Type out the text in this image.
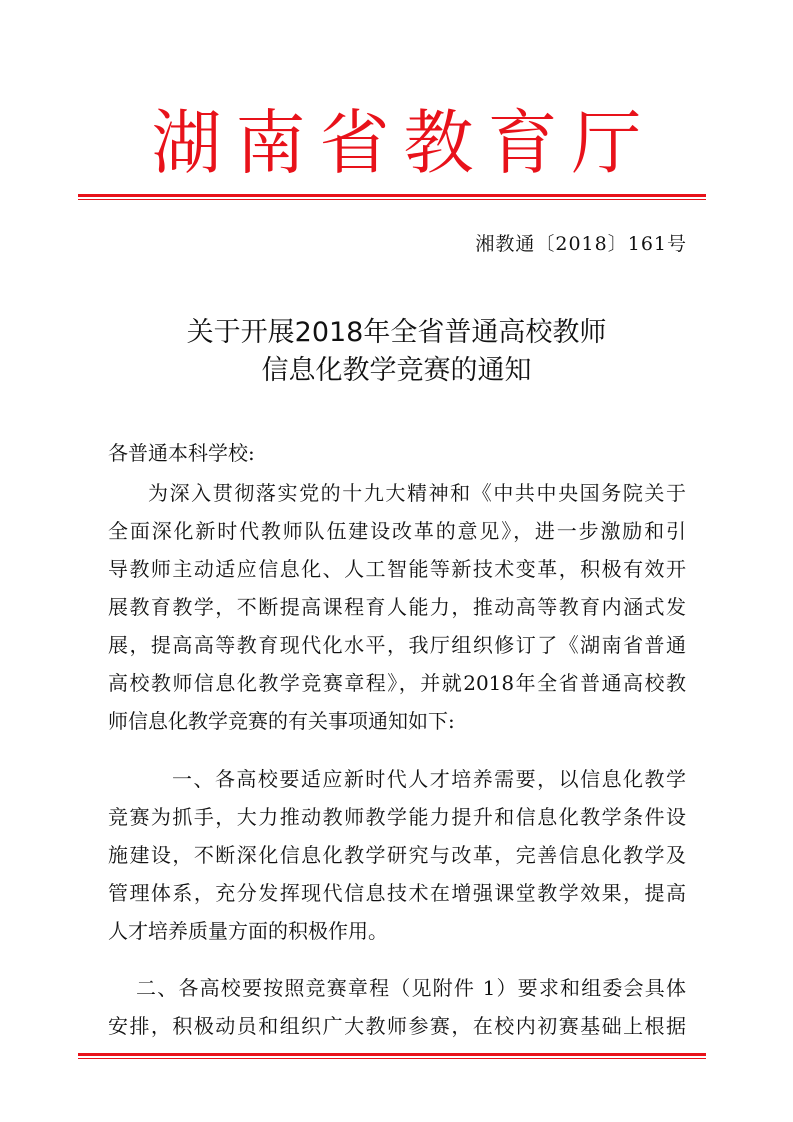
湖南省教育厅
湘教通〔2018〕161号
关于开展2018年全省普通高校教师
信息化教学竞赛的通知
各普通本科学校:
为深入贯彻落实党的十九大精神和《中共中央国务院关于
全面深化新时代教师队伍建设改革的意见》，进一步激励和引
导教师主动适应信息化、人工智能等新技术变革，积极有效开
展教育教学，不断提高课程育人能力，推动高等教育内涵式发
展，提高高等教育现代化水平，我厅组织修订了《湖南省普通
高校教师信息化教学竞赛章程》，并就2018年全省普通高校教
师信息化教学竞赛的有关事项通知如下:
一、各高校要适应新时代人才培养需要，以信息化教学
竞赛为抓手，大力推动教师教学能力提升和信息化教学条件设
施建设，不断深化信息化教学研究与改革，完善信息化教学及
管理体系，充分发挥现代信息技术在增强课堂教学效果，提高
人才培养质量方面的积极作用。
二、各高校要按照竞赛章程（见附件 1）要求和组委会具体
安排，积极动员和组织广大教师参赛，在校内初赛基础上根据
